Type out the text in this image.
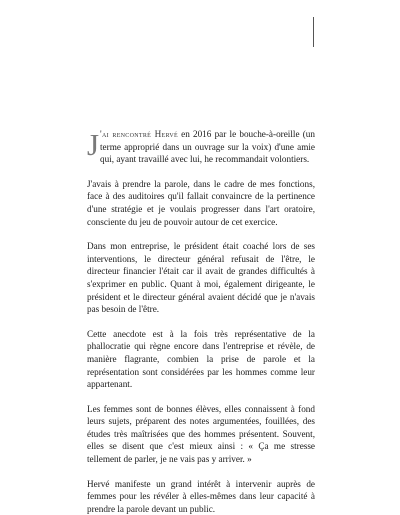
J 'ai rencontré Hervé en 2016 par le bouche-à-oreille (un terme approprié dans un ouvrage sur la voix) d'une amie qui, ayant travaillé avec lui, he recommandait volontiers.

J'avais à prendre la parole, dans le cadre de mes fonctions, face à des auditoires qu'il fallait convaincre de la pertinence d'une stratégie et je voulais progresser dans l'art oratoire, consciente du jeu de pouvoir autour de cet exercice.

Dans mon entreprise, le président était coaché lors de ses interventions, le directeur général refusait de l'être, le directeur financier l'était car il avait de grandes difficultés à s'exprimer en public. Quant à moi, également dirigeante, le président et le directeur général avaient décidé que je n'avais pas besoin de l'être.

Cette anecdote est à la fois très représentative de la phallocratie qui règne encore dans l'entreprise et révèle, de manière flagrante, combien la prise de parole et la représentation sont considérées par les hommes comme leur appartenant.

Les femmes sont de bonnes élèves, elles connaissent à fond leurs sujets, préparent des notes argumentées, fouillées, des études très maîtrisées que des hommes présentent. Souvent, elles se disent que c'est mieux ainsi : « Ça me stresse tellement de parler, je ne vais pas y arriver. »

Hervé manifeste un grand intérêt à intervenir auprès de femmes pour les révéler à elles-mêmes dans leur capacité à prendre la parole devant un public.
